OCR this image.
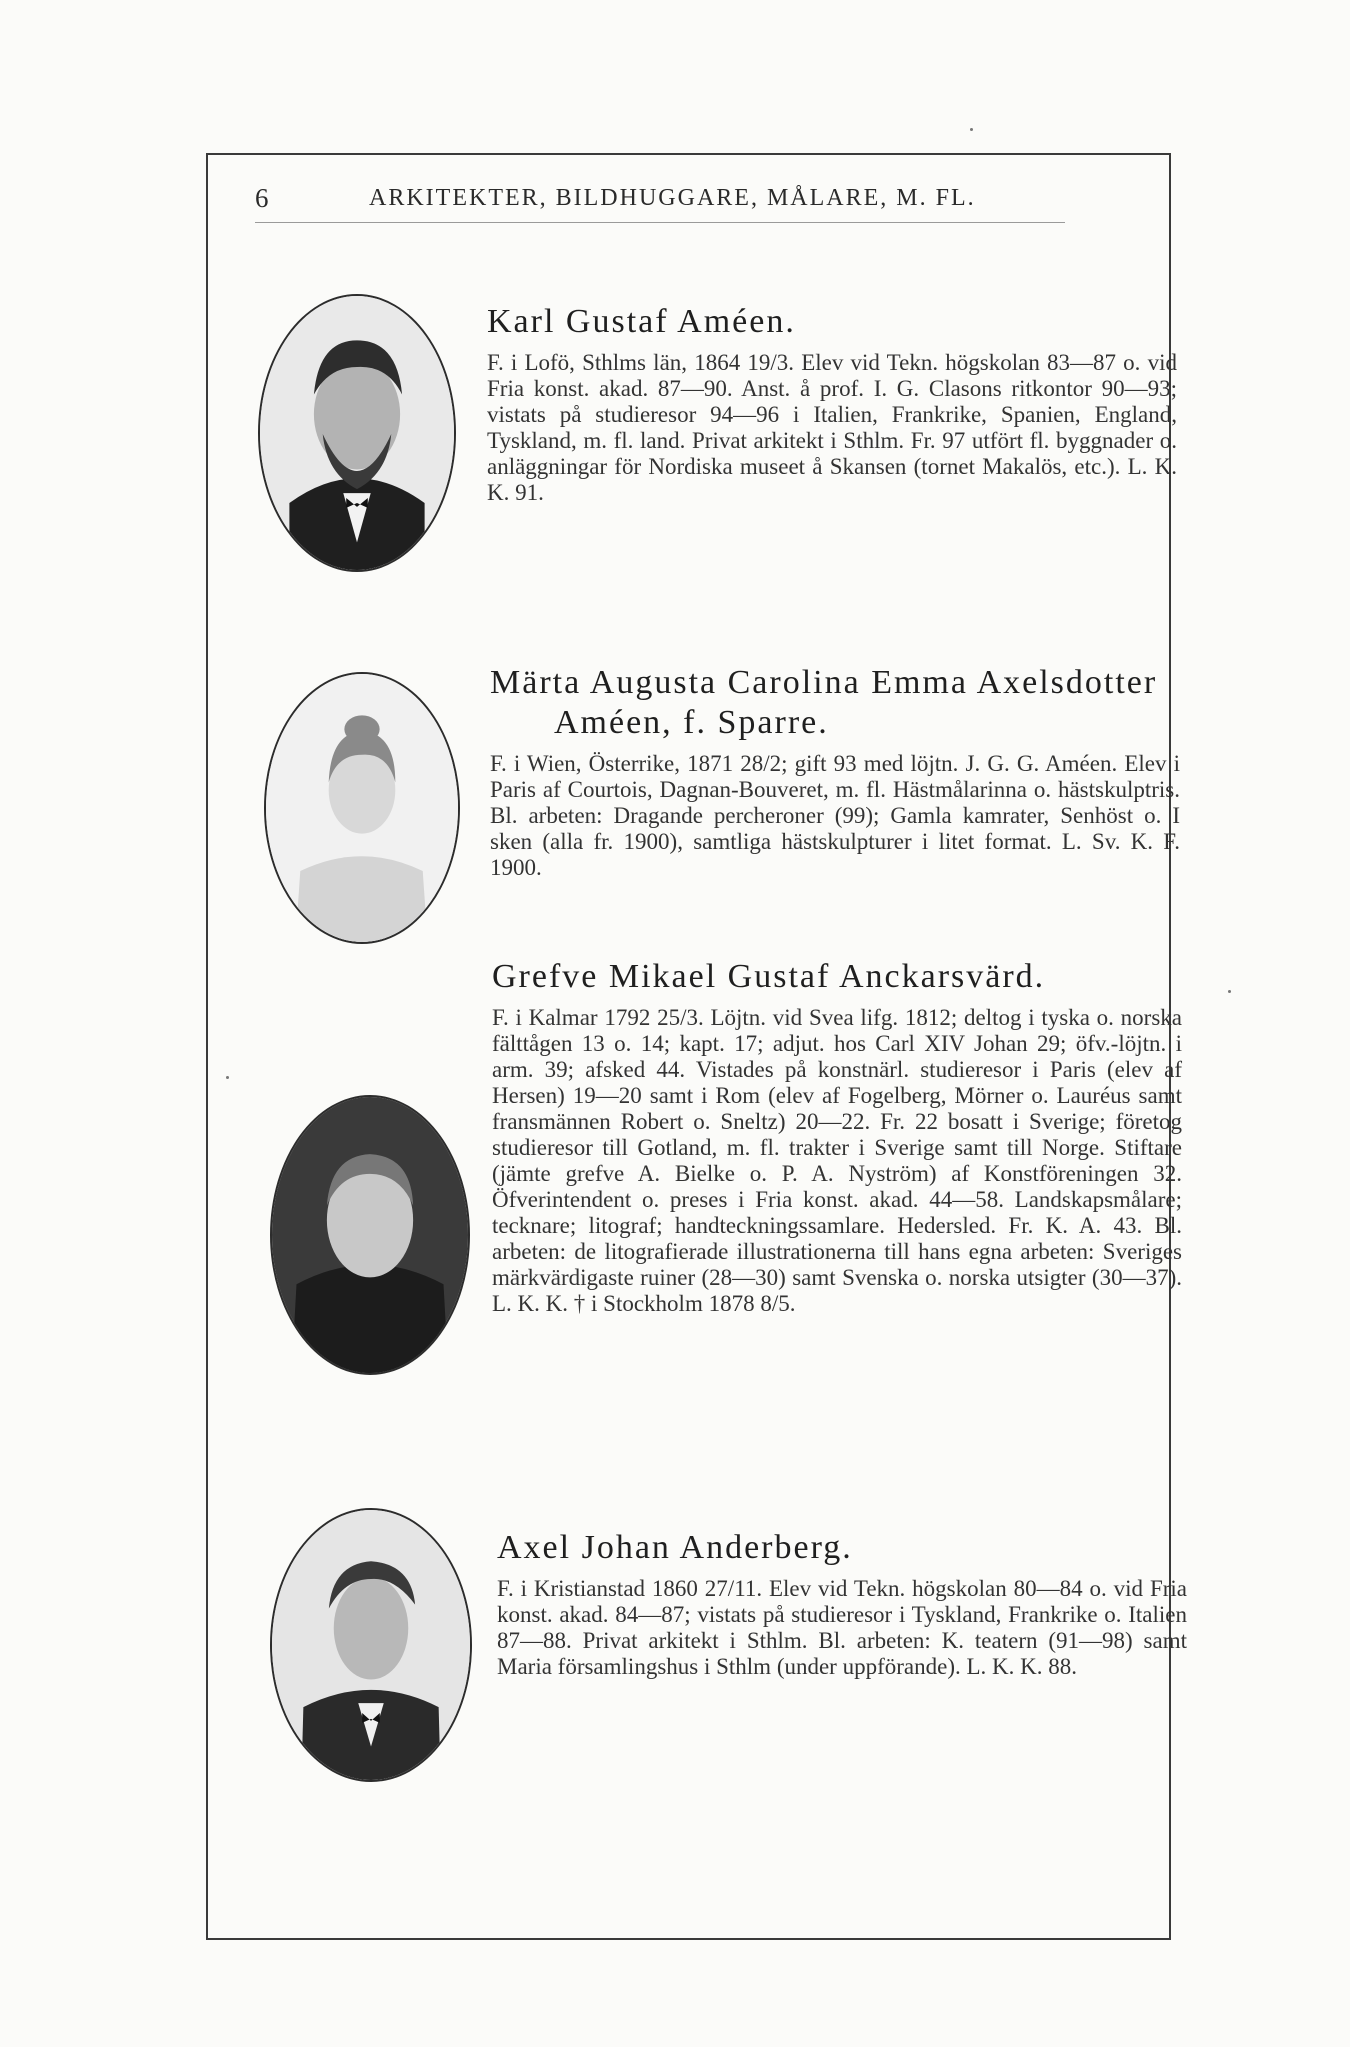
6	ARKITEKTER, BILDHUGGARE, MÅLARE, M. FL.
Karl Gustaf Améen.

F. i Lofö, Sthlms län, 1864 19/3. Elev vid Tekn. högskolan 83—87 o. vid Fria konst. akad. 87—90. Anst. å prof. I. G. Clasons ritkontor 90—93; vistats på studieresor 94—96 i Italien, Frankrike, Spanien, England, Tyskland, m. fl. land. Privat arkitekt i Sthlm. Fr. 97 utfört fl. byggnader o. anläggningar för Nordiska museet å Skansen (tornet Makalös, etc.). L. K. K. 91.

Märta Augusta Carolina Emma Axelsdotter
Améen, f. Sparre.

F. i Wien, Österrike, 1871 28/2; gift 93 med löjtn. J. G. G. Améen. Elev i Paris af Courtois, Dagnan-Bouveret, m. fl. Hästmålarinna o. hästskulptris. Bl. arbeten: Dragande percheroner (99); Gamla kamrater, Senhöst o. I sken (alla fr. 1900), samtliga hästskulpturer i litet format. L. Sv. K. F. 1900.

Grefve Mikael Gustaf Anckarsvärd.

F. i Kalmar 1792 25/3. Löjtn. vid Svea lifg. 1812; deltog i tyska o. norska fälttågen 13 o. 14; kapt. 17; adjut. hos Carl XIV Johan 29; öfv.-löjtn. i arm. 39; afsked 44. Vistades på konstnärl. studieresor i Paris (elev af Hersen) 19—20 samt i Rom (elev af Fogelberg, Mörner o. Lauréus samt fransmännen Robert o. Sneltz) 20—22. Fr. 22 bosatt i Sverige; företog studieresor till Gotland, m. fl. trakter i Sverige samt till Norge. Stiftare (jämte grefve A. Bielke o. P. A. Nyström) af Konstföreningen 32. Öfverintendent o. preses i Fria konst. akad. 44—58. Landskapsmålare; tecknare; litograf; handteckningssamlare. Hedersled. Fr. K. A. 43. Bl. arbeten: de litografierade illustrationerna till hans egna arbeten: Sveriges märkvärdigaste ruiner (28—30) samt Svenska o. norska utsigter (30—37). L. K. K. † i Stockholm 1878 8/5.

Axel Johan Anderberg.

F. i Kristianstad 1860 27/11. Elev vid Tekn. högskolan 80—84 o. vid Fria konst. akad. 84—87; vistats på studieresor i Tyskland, Frankrike o. Italien 87—88. Privat arkitekt i Sthlm. Bl. arbeten: K. teatern (91—98) samt Maria församlingshus i Sthlm (under uppförande). L. K. K. 88.
